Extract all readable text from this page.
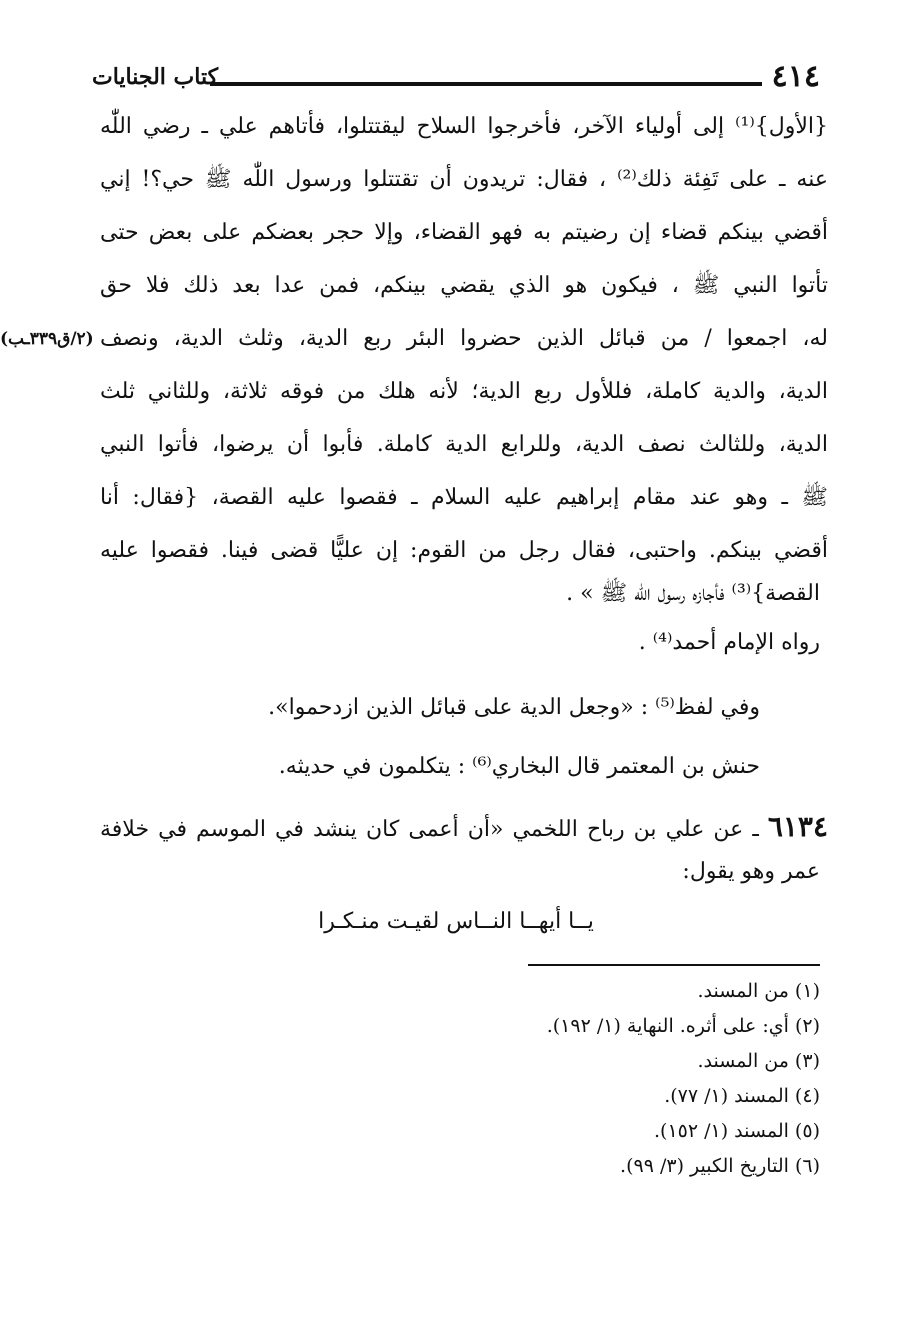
٤١٤
كتاب الجنايات
{الأول}⁽¹⁾ إلى أولياء الآخر، فأخرجوا السلاح ليقتتلوا، فأتاهم علي ـ رضي اللّٰه
عنه ـ على تَفِئة ذلك⁽²⁾ ، فقال: تريدون أن تقتتلوا ورسول اللّٰه ﷺ حي؟! إني
أقضي بينكم قضاء إن رضيتم به فهو القضاء، وإلا حجر بعضكم على بعض حتى
تأتوا النبي ﷺ ، فيكون هو الذي يقضي بينكم، فمن عدا بعد ذلك فلا حق
(٢/ق٣٣٩ـب) له، اجمعوا / من قبائل الذين حضروا البئر ربع الدية، وثلث الدية، ونصف
الدية، والدية كاملة، فللأول ربع الدية؛ لأنه هلك من فوقه ثلاثة، وللثاني ثلث
الدية، وللثالث نصف الدية، وللرابع الدية كاملة. فأبوا أن يرضوا، فأتوا النبي
ﷺ ـ وهو عند مقام إبراهيم عليه السلام ـ فقصوا عليه القصة، {فقال: أنا
أقضي بينكم. واحتبى، فقال رجل من القوم: إن عليًّا قضى فينا. فقصوا عليه
القصة}⁽³⁾ فأجازه رسول اللّٰه ﷺ » .
رواه الإمام أحمد⁽⁴⁾ .
وفي لفظ⁽⁵⁾ : «وجعل الدية على قبائل الذين ازدحموا».
حنش بن المعتمر قال البخاري⁽⁶⁾ : يتكلمون في حديثه.
٦١٣٤ ـ عن علي بن رباح اللخمي «أن أعمى كان ينشد في الموسم في خلافة
عمر وهو يقول:
يــا أيهــا النــاس لقيـت منـكـرا
(١) من المسند.
(٢) أي: على أثره. النهاية (١/ ١٩٢).
(٣) من المسند.
(٤) المسند (١/ ٧٧).
(٥) المسند (١/ ١٥٢).
(٦) التاريخ الكبير (٣/ ٩٩).
